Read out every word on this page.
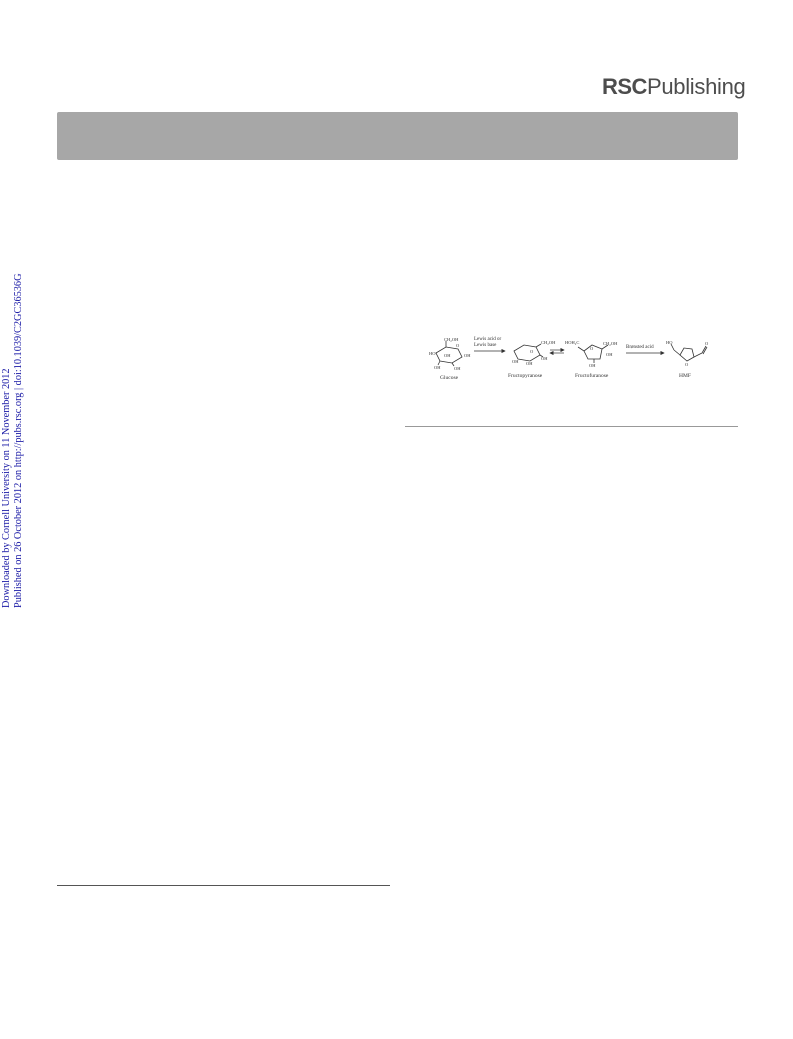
RSCPublishing
Downloaded by Cornell University on 11 November 2012 Published on 26 October 2012 on http://pubs.rsc.org | doi:10.1039/C2GC36536G	CH₂OH
O
HO OH	OH
OH	OH
Glucose
Lewis acid or
Lewis base
CH₂OH
OH
OH OH
O
Fructopyranose
HOH₂C	CH₂OH
OH
OH
O
Fructofuranose
Brønsted acid
HO
O
O
HMF
